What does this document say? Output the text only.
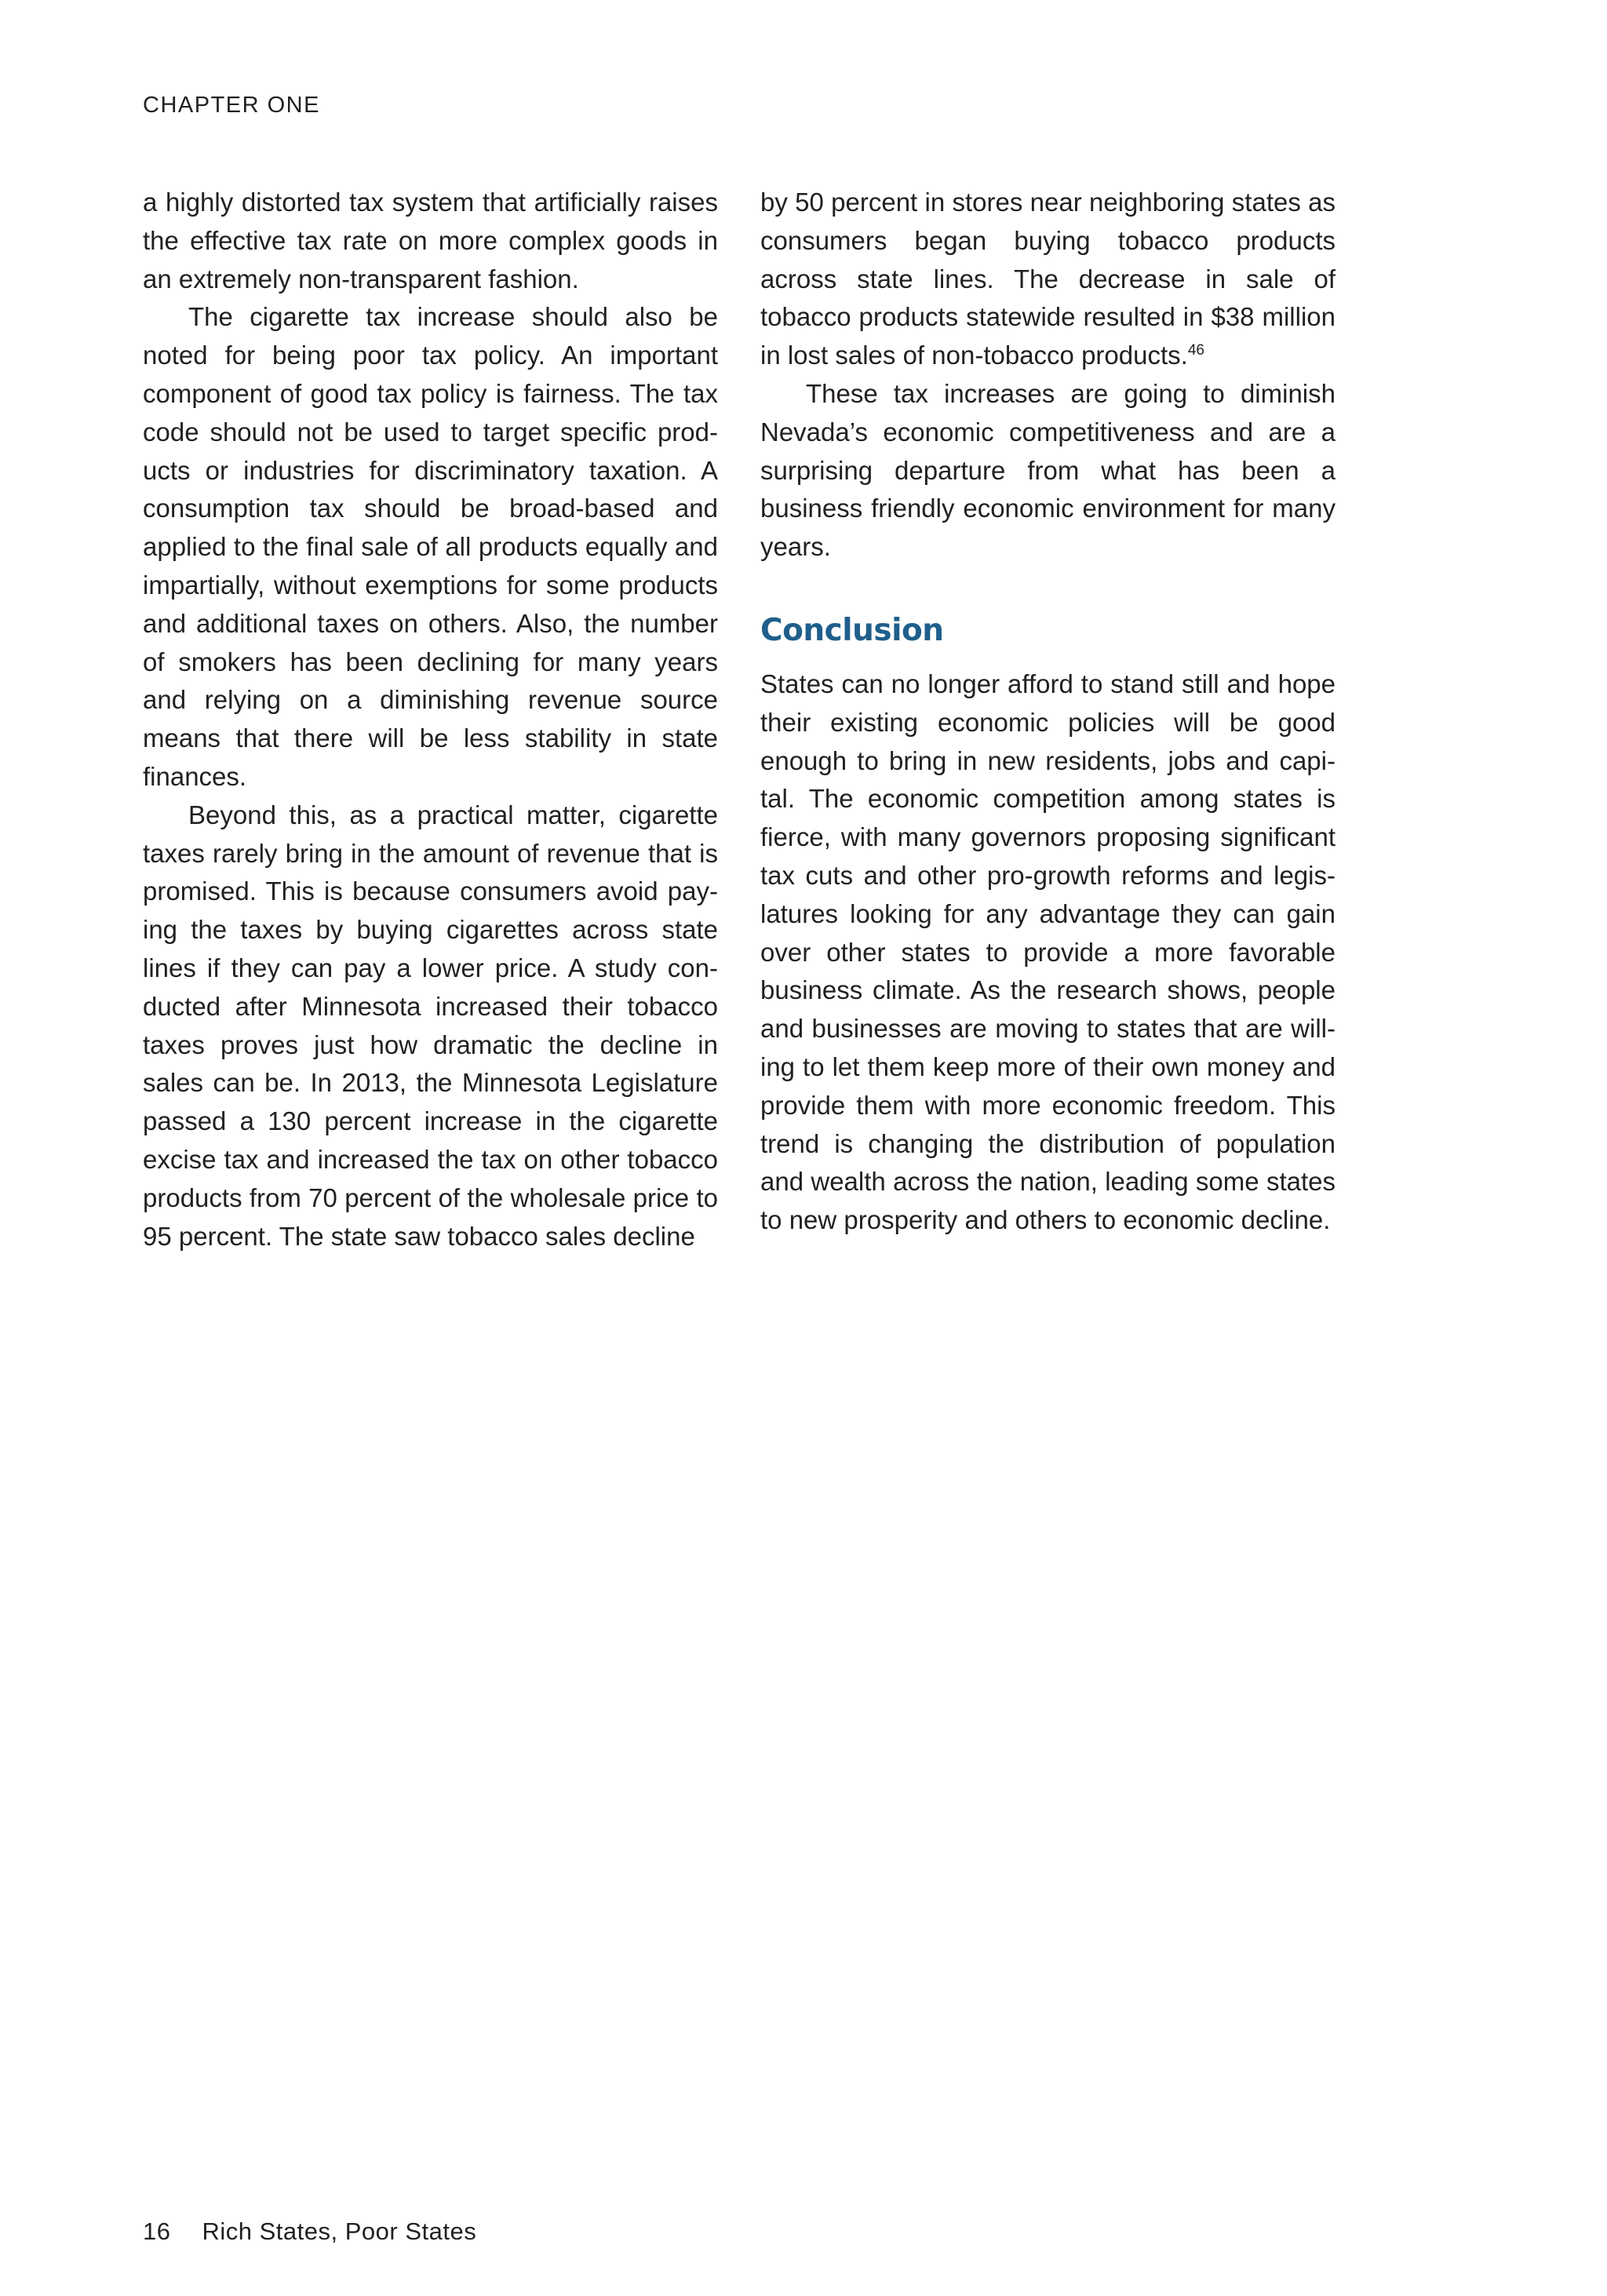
CHAPTER ONE

a highly distorted tax system that artificially raises the effective tax rate on more complex goods in an extremely non-transparent fashion.

The cigarette tax increase should also be noted for being poor tax policy. An important component of good tax policy is fairness. The tax code should not be used to target specific products or industries for discriminatory taxation. A consumption tax should be broad-based and applied to the final sale of all products equally and impartially, without exemptions for some products and additional taxes on others. Also, the number of smokers has been declining for many years and relying on a diminishing revenue source means that there will be less stability in state finances.

Beyond this, as a practical matter, cigarette taxes rarely bring in the amount of revenue that is promised. This is because consumers avoid paying the taxes by buying cigarettes across state lines if they can pay a lower price. A study conducted after Minnesota increased their tobacco taxes proves just how dramatic the decline in sales can be. In 2013, the Minnesota Legislature passed a 130 percent increase in the cigarette excise tax and increased the tax on other tobacco products from 70 percent of the wholesale price to 95 percent. The state saw tobacco sales decline

by 50 percent in stores near neighboring states as consumers began buying tobacco products across state lines. The decrease in sale of tobacco products statewide resulted in $38 million in lost sales of non-tobacco products.$^{46}$

These tax increases are going to diminish Nevada’s economic competitiveness and are a surprising departure from what has been a business friendly economic environment for many years.

Conclusion

States can no longer afford to stand still and hope their existing economic policies will be good enough to bring in new residents, jobs and capital. The economic competition among states is fierce, with many governors proposing significant tax cuts and other pro-growth reforms and legislatures looking for any advantage they can gain over other states to provide a more favorable business climate. As the research shows, people and businesses are moving to states that are willing to let them keep more of their own money and provide them with more economic freedom. This trend is changing the distribution of population and wealth across the nation, leading some states to new prosperity and others to economic decline.

16 Rich States, Poor States
